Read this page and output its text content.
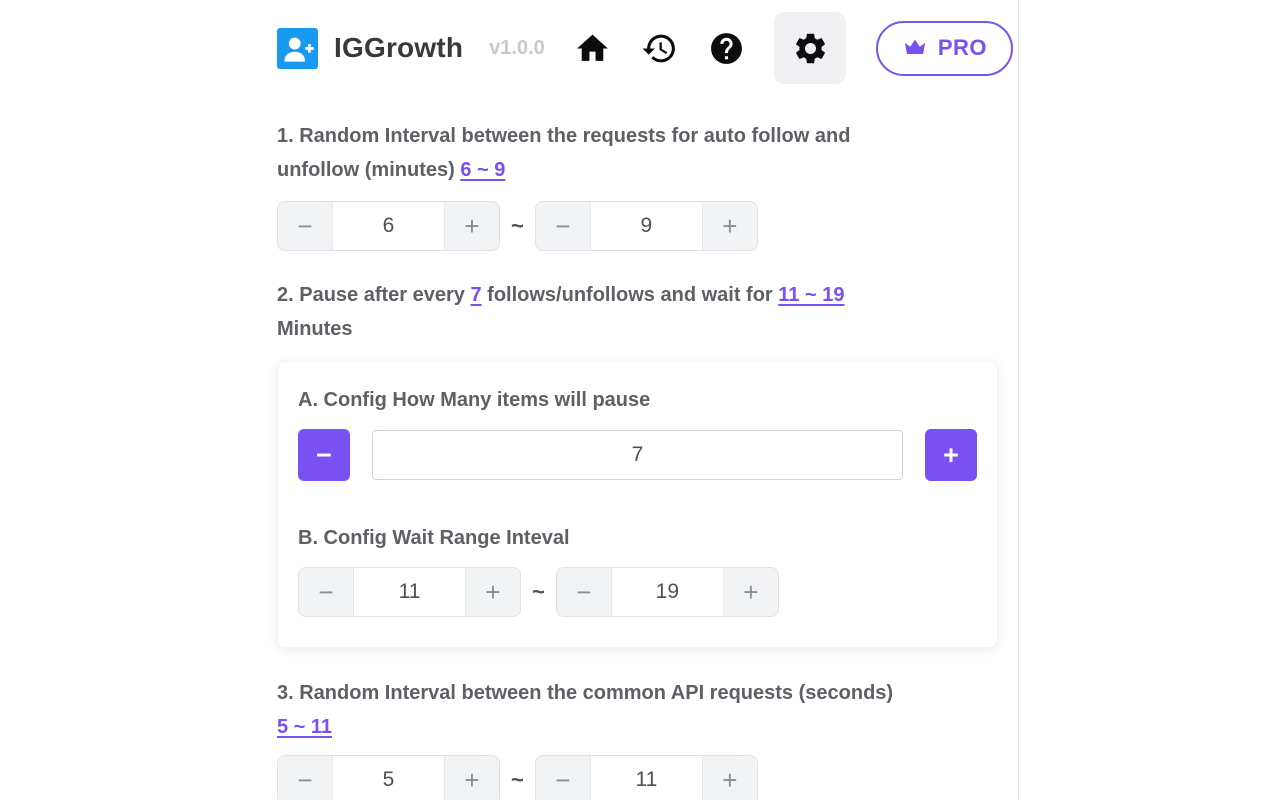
IGGrowth v1.0.0	PRO

1. Random Interval between the requests for auto follow and
unfollow (minutes) 6 ~ 9

−
6	+	~	−
9	+

2. Pause after every 7 follows/unfollows and wait for 11 ~ 19
Minutes

A. Config How Many items will pause
−
7	+
B. Config Wait Range Inteval
−
11	+	~	−
19	+

3. Random Interval between the common API requests (seconds)
5 ~ 11

−
5	+	~	−
11	+
